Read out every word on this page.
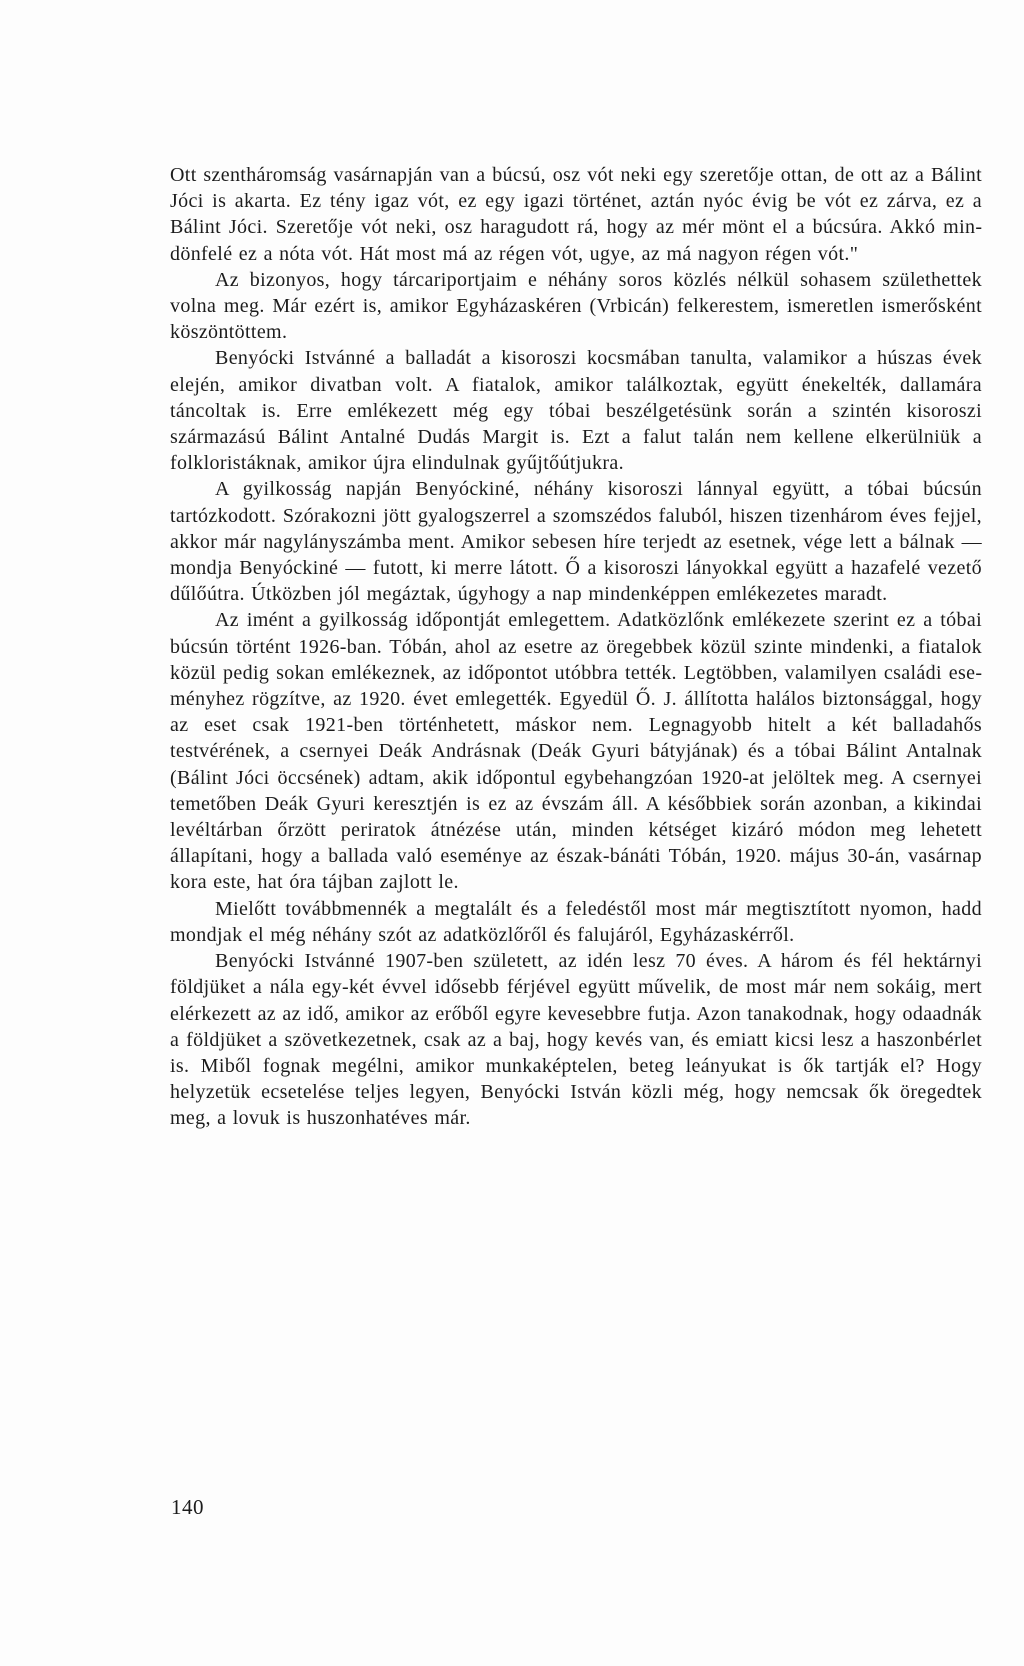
Ott szentháromság vasárnapján van a búcsú, osz vót neki egy szeretője ottan, de ott az a Bálint Jóci is akarta. Ez tény igaz vót, ez egy igazi történet, aztán nyóc évig be vót ez zárva, ez a Bálint Jóci. Szeretője vót neki, osz haragudott rá, hogy az mér mönt el a búcsúra. Akkó mindönfelé ez a nóta vót. Hát most má az régen vót, ugye, az má nagyon régen vót."

Az bizonyos, hogy tárcariportjaim e néhány soros közlés nélkül sohasem születhettek volna meg. Már ezért is, amikor Egyházaskéren (Vrbicán) felkerestem, ismeretlen ismerősként köszöntöttem.

Benyócki Istvánné a balladát a kisoroszi kocsmában tanulta, valamikor a húszas évek elején, amikor divatban volt. A fiatalok, amikor találkoztak, együtt énekelték, dallamára táncoltak is. Erre emlékezett még egy tóbai beszélgetésünk során a szintén kisoroszi származású Bálint Antalné Dudás Margit is. Ezt a falut talán nem kellene elkerülniük a folkloristáknak, amikor újra elindulnak gyűjtőútjukra.

A gyilkosság napján Benyóckiné, néhány kisoroszi lánnyal együtt, a tóbai búcsún tartózkodott. Szórakozni jött gyalogszerrel a szomszédos faluból, hiszen tizenhárom éves fejjel, akkor már nagylányszámba ment. Amikor sebesen híre terjedt az esetnek, vége lett a bálnak — mondja Benyóckiné — futott, ki merre látott. Ő a kisoroszi lányokkal együtt a hazafelé vezető dűlőútra. Útközben jól megáztak, úgyhogy a nap mindenképpen emlékezetes maradt.

Az imént a gyilkosság időpontját emlegettem. Adatközlőnk emlékezete szerint ez a tóbai búcsún történt 1926-ban. Tóbán, ahol az esetre az öregebbek közül szinte mindenki, a fiatalok közül pedig sokan emlékeznek, az időpontot utóbbra tették. Legtöbben, valamilyen családi eseményhez rögzítve, az 1920. évet emlegették. Egyedül Ő. J. állította halálos biztonsággal, hogy az eset csak 1921-ben történhetett, máskor nem. Legnagyobb hitelt a két balladahős testvérének, a csernyei Deák Andrásnak (Deák Gyuri bátyjának) és a tóbai Bálint Antalnak (Bálint Jóci öccsének) adtam, akik időpontul egybehangzóan 1920-at jelöltek meg. A csernyei temetőben Deák Gyuri keresztjén is ez az évszám áll. A későbbiek során azonban, a kikindai levéltárban őrzött periratok átnézése után, minden kétséget kizáró módon meg lehetett állapítani, hogy a ballada való eseménye az észak-bánáti Tóbán, 1920. május 30-án, vasárnap kora este, hat óra tájban zajlott le.

Mielőtt továbbmennék a megtalált és a feledéstől most már megtisztított nyomon, hadd mondjak el még néhány szót az adatközlőről és falujáról, Egyházaskérről.

Benyócki Istvánné 1907-ben született, az idén lesz 70 éves. A három és fél hektárnyi földjüket a nála egy-két évvel idősebb férjével együtt művelik, de most már nem sokáig, mert elérkezett az az idő, amikor az erőből egyre kevesebbre futja. Azon tanakodnak, hogy odaadnák a földjüket a szövetkezetnek, csak az a baj, hogy kevés van, és emiatt kicsi lesz a haszonbérlet is. Miből fognak megélni, amikor munkaképtelen, beteg leányukat is ők tartják el? Hogy helyzetük ecsetelése teljes legyen, Benyócki István közli még, hogy nemcsak ők öregedtek meg, a lovuk is huszonhatéves már.

140
